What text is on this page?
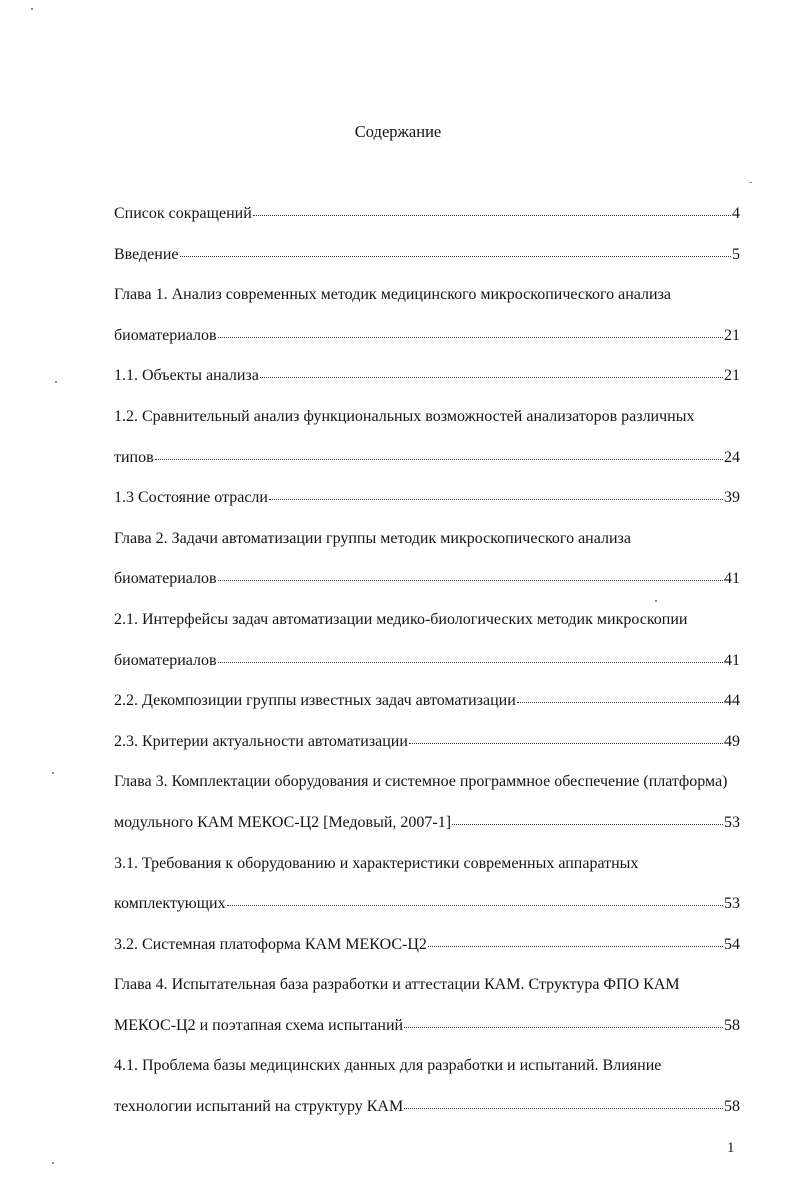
Содержание
Список сокращений	4
Введение	5
Глава 1. Анализ современных методик медицинского микроскопического анализа
биоматериалов	21
1.1. Объекты анализа	21
1.2. Сравнительный анализ функциональных возможностей анализаторов различных
типов	24
1.3 Состояние отрасли	39
Глава 2. Задачи автоматизации группы методик микроскопического анализа
биоматериалов	41
2.1. Интерфейсы задач автоматизации медико-биологических методик микроскопии
биоматериалов	41
2.2. Декомпозиции группы известных задач автоматизации	44
2.3. Критерии актуальности автоматизации	49
Глава 3. Комплектации оборудования и системное программное обеспечение (платформа)
модульного КАМ МЕКОС-Ц2 [Медовый, 2007-1]	53
3.1. Требования к оборудованию и характеристики современных аппаратных
комплектующих	53
3.2. Системная платоформа КАМ МЕКОС-Ц2	54
Глава 4. Испытательная база разработки и аттестации КАМ. Структура ФПО КАМ
МЕКОС-Ц2 и поэтапная схема испытаний	58
4.1. Проблема базы медицинских данных для разработки и испытаний. Влияние
технологии испытаний на структуру КАМ	58
1
